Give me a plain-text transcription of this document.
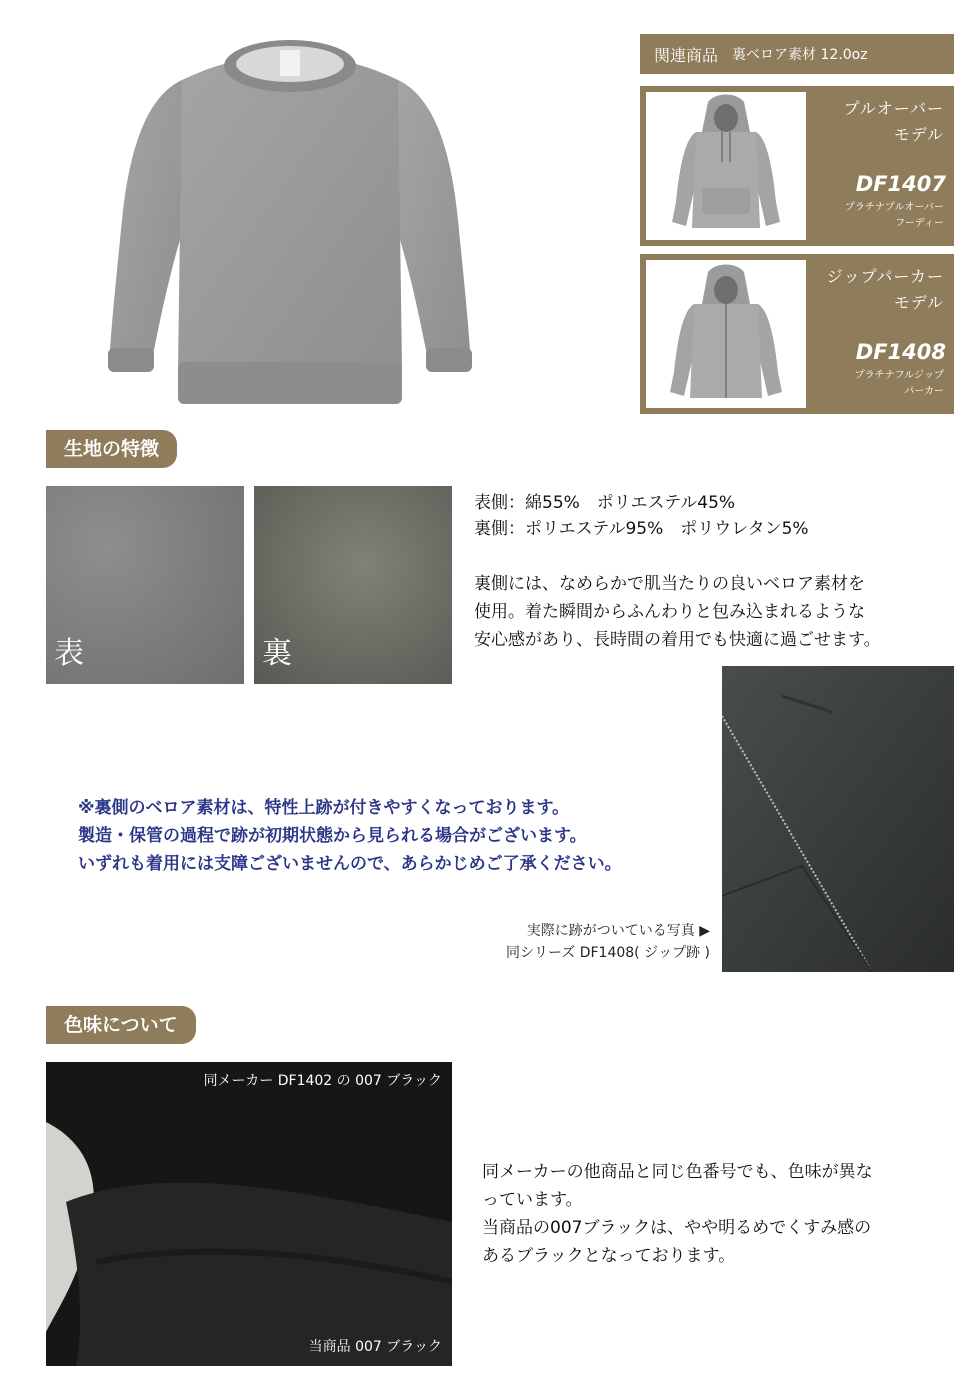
関連商品 裏ベロア素材 12.0oz
プルオーバー
モデル
DF1407
プラチナプルオーバー
フーディー
ジップパーカー
モデル
DF1408
プラチナフルジップ
パーカー
生地の特徴
表	裏
表側：綿55%　ポリエステル45%
裏側：ポリエステル95%　ポリウレタン5%
裏側には、なめらかで肌当たりの良いベロア素材を
使用。着た瞬間からふんわりと包み込まれるような
安心感があり、長時間の着用でも快適に過ごせます。
※裏側のベロア素材は、特性上跡が付きやすくなっております。
製造・保管の過程で跡が初期状態から見られる場合がございます。
いずれも着用には支障ございませんので、あらかじめご了承ください。
実際に跡がついている写真 ▶
同シリーズ DF1408( ジップ跡 )
色味について
同メーカー DF1402 の 007 ブラック
当商品 007 ブラック
同メーカーの他商品と同じ色番号でも、色味が異な
っています。
当商品の007ブラックは、やや明るめでくすみ感の
あるブラックとなっております。
